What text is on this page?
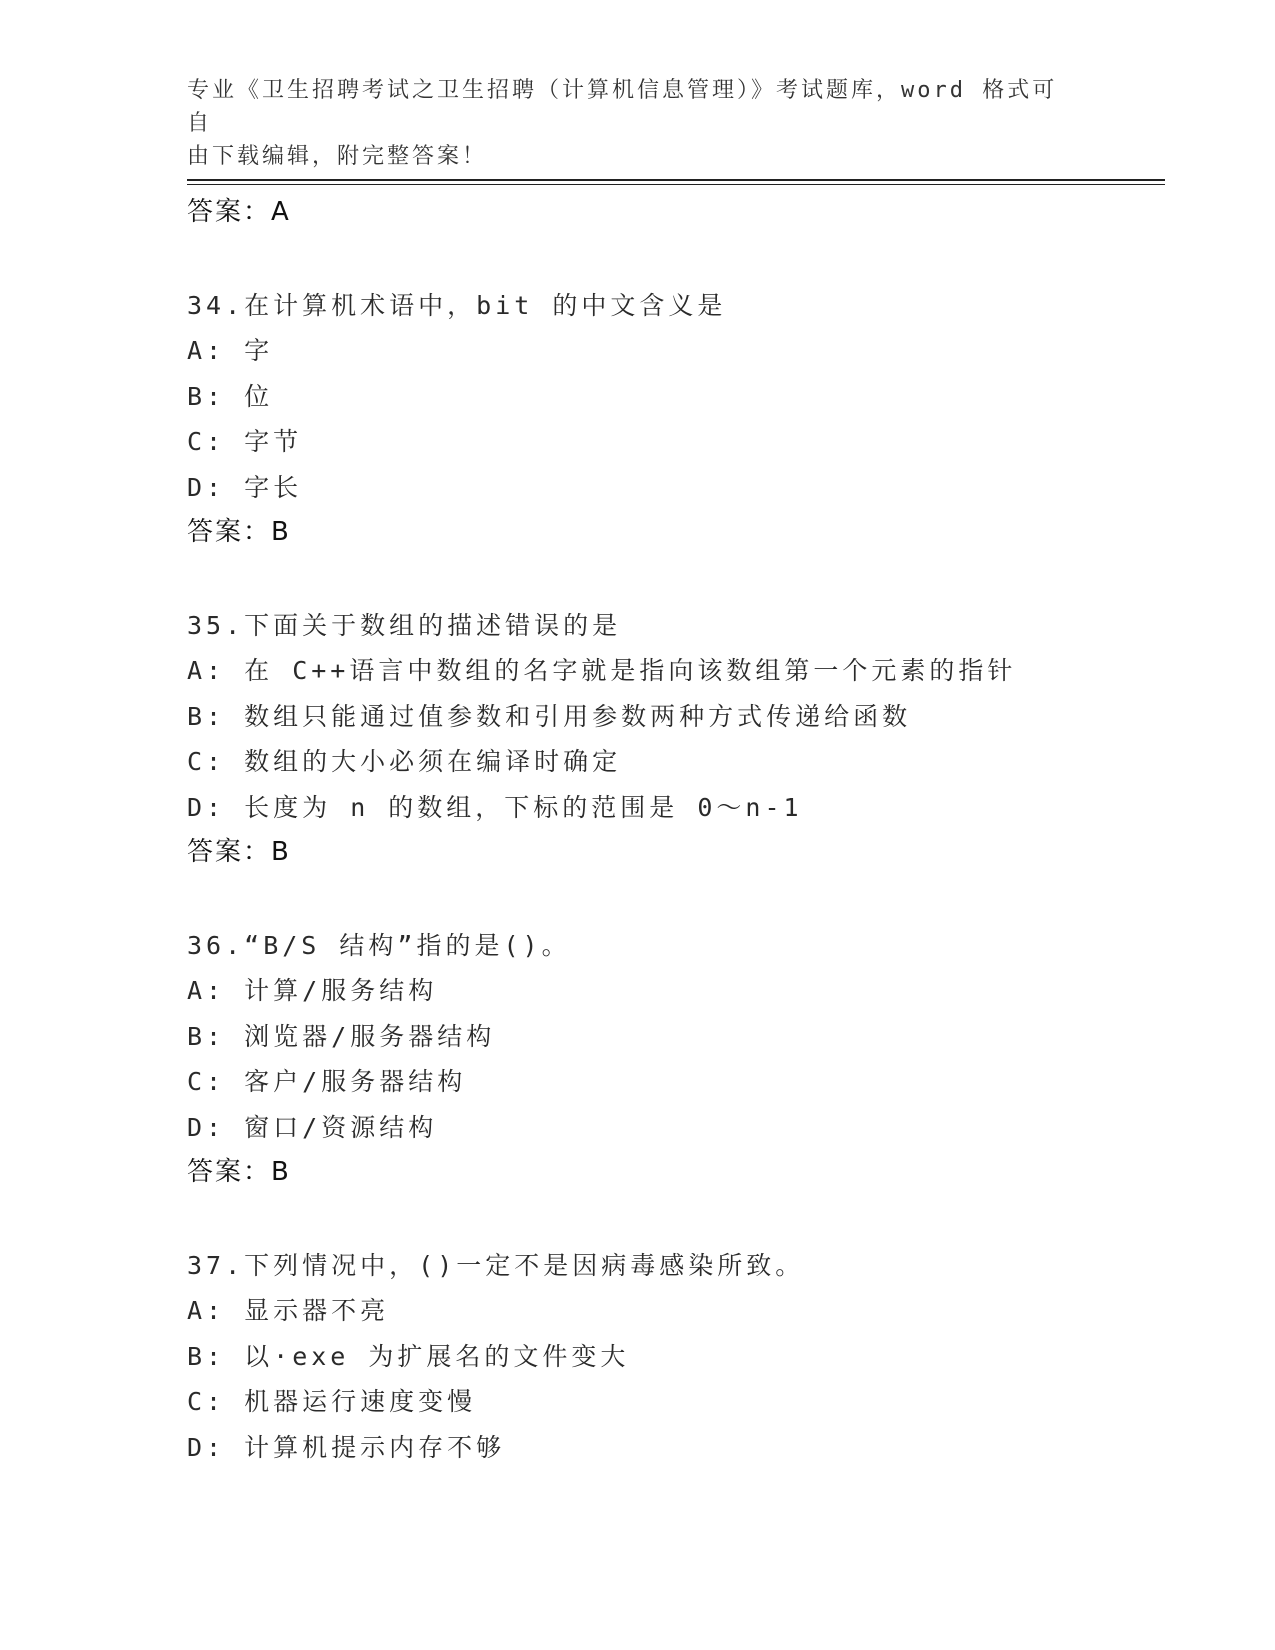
专业《卫生招聘考试之卫生招聘（计算机信息管理）》考试题库，word 格式可自
由下载编辑，附完整答案！
答案：A
34.在计算机术语中，bit 的中文含义是
A: 字
B: 位
C: 字节
D: 字长
答案：B
35.下面关于数组的描述错误的是
A: 在 C++语言中数组的名字就是指向该数组第一个元素的指针
B: 数组只能通过值参数和引用参数两种方式传递给函数
C: 数组的大小必须在编译时确定
D: 长度为 n 的数组，下标的范围是 0～n-1
答案：B
36.“B/S 结构”指的是()。
A: 计算/服务结构
B: 浏览器/服务器结构
C: 客户/服务器结构
D: 窗口/资源结构
答案：B
37.下列情况中，()一定不是因病毒感染所致。
A: 显示器不亮
B: 以·exe 为扩展名的文件变大
C: 机器运行速度变慢
D: 计算机提示内存不够
